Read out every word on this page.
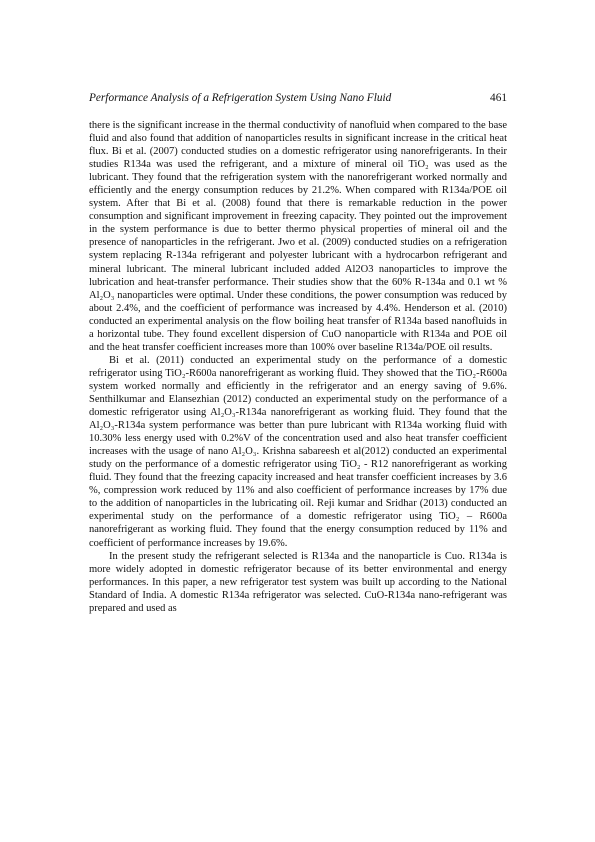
Performance Analysis of a Refrigeration System Using Nano Fluid	461

there is the significant increase in the thermal conductivity of nanofluid when compared to the base fluid and also found that addition of nanoparticles results in significant increase in the critical heat flux. Bi et al. (2007) conducted studies on a domestic refrigerator using nanorefrigerants. In their studies R134a was used the refrigerant, and a mixture of mineral oil TiO₂ was used as the lubricant. They found that the refrigeration system with the nanorefrigerant worked normally and efficiently and the energy consumption reduces by 21.2%. When compared with R134a/POE oil system. After that Bi et al. (2008) found that there is remarkable reduction in the power consumption and significant improvement in freezing capacity. They pointed out the improvement in the system performance is due to better thermo physical properties of mineral oil and the presence of nanoparticles in the refrigerant. Jwo et al. (2009) conducted studies on a refrigeration system replacing R-134a refrigerant and polyester lubricant with a hydrocarbon refrigerant and mineral lubricant. The mineral lubricant included added Al2O3 nanoparticles to improve the lubrication and heat-transfer performance. Their studies show that the 60% R-134a and 0.1 wt % Al₂O₃ nanoparticles were optimal. Under these conditions, the power consumption was reduced by about 2.4%, and the coefficient of performance was increased by 4.4%. Henderson et al. (2010) conducted an experimental analysis on the flow boiling heat transfer of R134a based nanofluids in a horizontal tube. They found excellent dispersion of CuO nanoparticle with R134a and POE oil and the heat transfer coefficient increases more than 100% over baseline R134a/POE oil results.

Bi et al. (2011) conducted an experimental study on the performance of a domestic refrigerator using TiO₂-R600a nanorefrigerant as working fluid. They showed that the TiO₂-R600a system worked normally and efficiently in the refrigerator and an energy saving of 9.6%. Senthilkumar and Elansezhian (2012) conducted an experimental study on the performance of a domestic refrigerator using Al₂O₃-R134a nanorefrigerant as working fluid. They found that the Al₂O₃-R134a system performance was better than pure lubricant with R134a working fluid with 10.30% less energy used with 0.2%V of the concentration used and also heat transfer coefficient increases with the usage of nano Al₂O₃. Krishna sabareesh et al(2012) conducted an experimental study on the performance of a domestic refrigerator using TiO₂ - R12 nanorefrigerant as working fluid. They found that the freezing capacity increased and heat transfer coefficient increases by 3.6 %, compression work reduced by 11% and also coefficient of performance increases by 17% due to the addition of nanoparticles in the lubricating oil. Reji kumar and Sridhar (2013) conducted an experimental study on the performance of a domestic refrigerator using TiO₂ – R600a nanorefrigerant as working fluid. They found that the energy consumption reduced by 11% and coefficient of performance increases by 19.6%.

In the present study the refrigerant selected is R134a and the nanoparticle is Cuo. R134a is more widely adopted in domestic refrigerator because of its better environmental and energy performances. In this paper, a new refrigerator test system was built up according to the National Standard of India. A domestic R134a refrigerator was selected. CuO-R134a nano-refrigerant was prepared and used as
